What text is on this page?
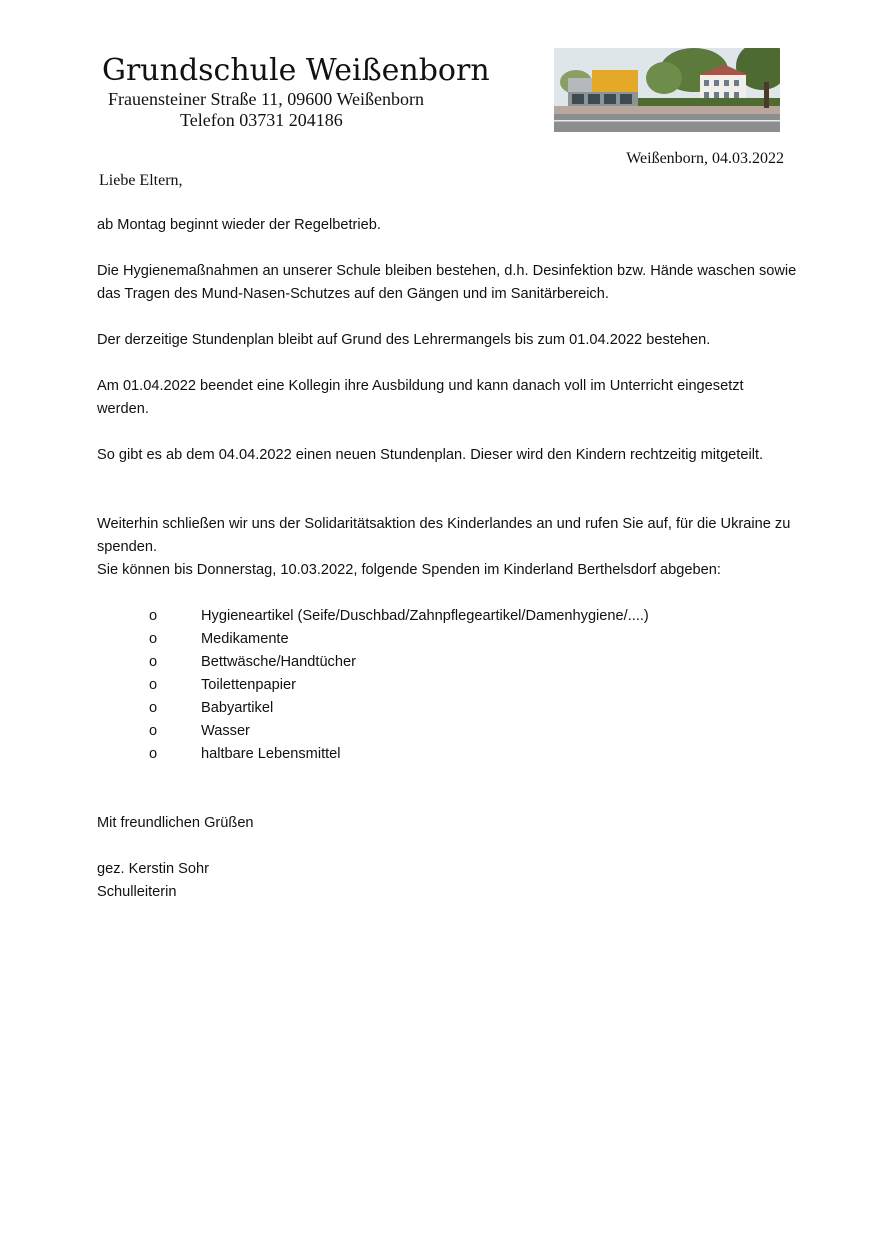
Grundschule Weißenborn
Frauensteiner Straße 11, 09600 Weißenborn
Telefon 03731 204186
Weißenborn, 04.03.2022
Liebe Eltern,

ab Montag beginnt wieder der Regelbetrieb.

Die Hygienemaßnahmen an unserer Schule bleiben bestehen, d.h. Desinfektion bzw. Hände waschen sowie das Tragen des Mund-Nasen-Schutzes auf den Gängen und im Sanitärbereich.

Der derzeitige Stundenplan bleibt auf Grund des Lehrermangels bis zum 01.04.2022 bestehen.

Am 01.04.2022 beendet eine Kollegin ihre Ausbildung und kann danach voll im Unterricht eingesetzt werden.

So gibt es ab dem 04.04.2022 einen neuen Stundenplan. Dieser wird den Kindern rechtzeitig mitgeteilt.

Weiterhin schließen wir uns der Solidaritätsaktion des Kinderlandes an und rufen Sie auf, für die Ukraine zu spenden.

Sie können bis Donnerstag, 10.03.2022, folgende Spenden im Kinderland Berthelsdorf abgeben:

o	Hygieneartikel (Seife/Duschbad/Zahnpflegeartikel/Damenhygiene/....)
o	Medikamente
o	Bettwäsche/Handtücher
o	Toilettenpapier
o	Babyartikel
o	Wasser
o	haltbare Lebensmittel

Mit freundlichen Grüßen

gez. Kerstin Sohr

Schulleiterin
